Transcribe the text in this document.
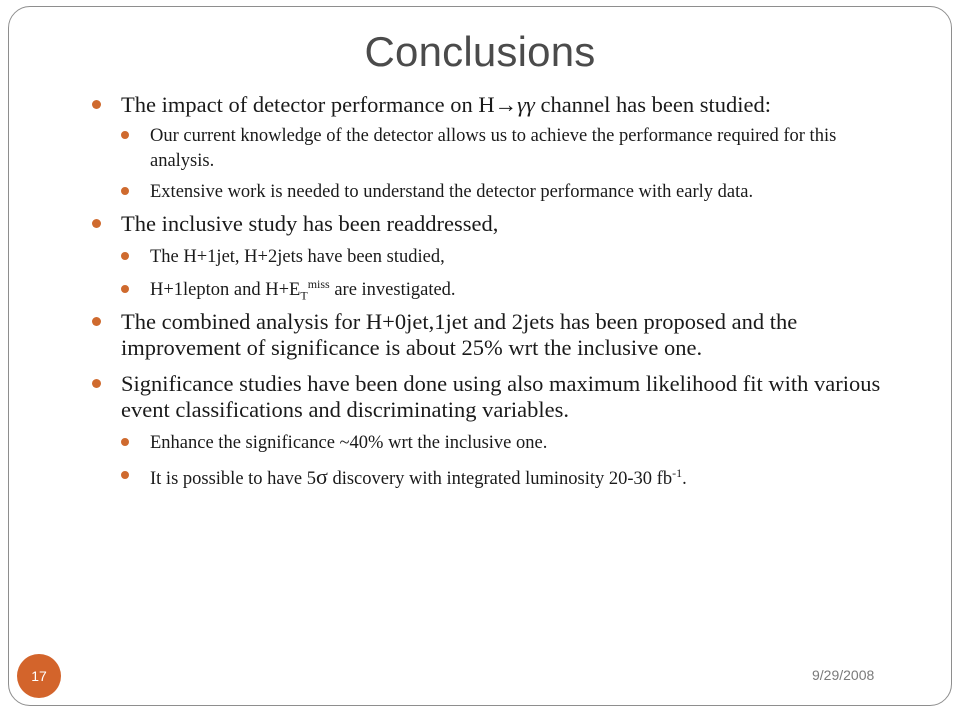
Conclusions
The impact of detector performance on H→γγ channel has been studied:
Our current knowledge of the detector allows us to achieve the performance required for this analysis.
Extensive work is needed to understand the detector performance with early data.
The inclusive study has been readdressed,
The H+1jet, H+2jets have been studied,
H+1lepton and $H+E_T^{miss}$ are investigated.
The combined analysis for H+0jet,1jet and 2jets has been proposed and the improvement of significance is about 25% wrt the inclusive one.
Significance studies have been done using also maximum likelihood fit with various event classifications and discriminating variables.
Enhance the significance ~40% wrt the inclusive one.
It is possible to have 5σ discovery with integrated luminosity 20-30 $fb^{-1}$.
17	9/29/2008
